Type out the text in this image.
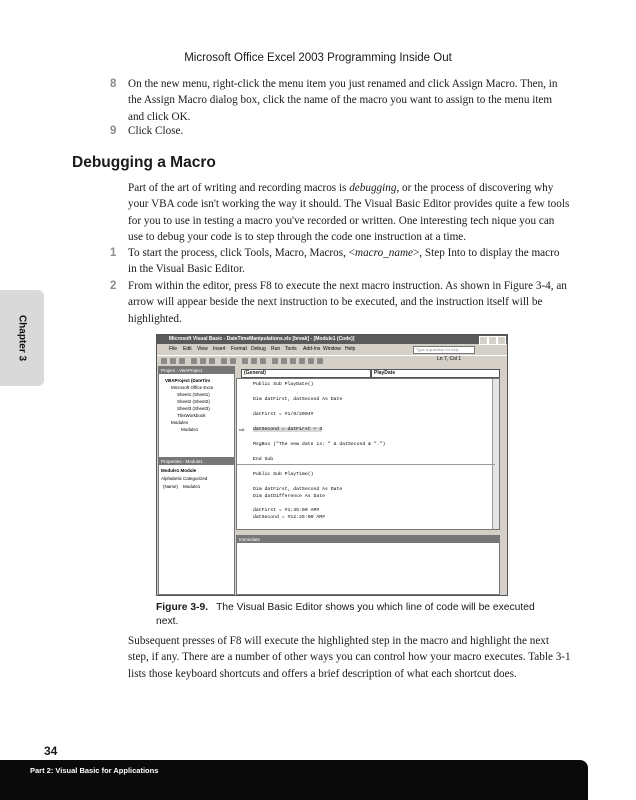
Microsoft Office Excel 2003 Programming Inside Out
8 On the new menu, right-click the menu item you just renamed and click Assign Macro. Then, in the Assign Macro dialog box, click the name of the macro you want to assign to the menu item and click OK.
9 Click Close.
Debugging a Macro
Part of the art of writing and recording macros is debugging, or the process of discovering why your VBA code isn't working the way it should. The Visual Basic Editor provides quite a few tools for you to use in testing a macro you've recorded or written. One interesting tech nique you can use to debug your code is to step through the code one instruction at a time.
1 To start the process, click Tools, Macro, Macros, <macro_name>, Step Into to display the macro in the Visual Basic Editor.
2 From within the editor, press F8 to execute the next macro instruction. As shown in Figure 3-4, an arrow will appear beside the next instruction to be executed, and the instruction itself will be highlighted.
Chapter 3	Microsoft Visual Basic - DateTimeManipulations.xls [break] - [Module1 (Code)]
File Edit View Insert Format Debug Run Tools Add-Ins Window Help	Type a question for help
Ln 7, Col 1
Project - VBAProject
VBAProject (DateTim
Microsoft Office Exce
Sheet1 (Sheet1)
Sheet2 (Sheet2)
Sheet3 (Sheet3)
ThisWorkbook
Modules
Module1
Properties - Module1
Module1 Module
Alphabetic Categorized
(Name) Module1
(General)	PlayDate
Public Sub PlayDate()
Dim datFirst, datSecond As Date
datFirst = #1/9/2004#
⇨ datSecond = datFirst + 3
MsgBox ("The new date is: " & datSecond & ".")
End Sub
Public Sub PlayTime()
Dim datFirst, datSecond As Date
Dim datDifference As Date
datFirst = #1:45:00 AM#
datSecond = #12:25:00 AM#
Immediate
Figure 3-9. The Visual Basic Editor shows you which line of code will be executed next.
Subsequent presses of F8 will execute the highlighted step in the macro and highlight the next step, if any. There are a number of other ways you can control how your macro executes. Table 3-1 lists those keyboard shortcuts and offers a brief description of what each shortcut does.
34
Part 2: Visual Basic for Applications
